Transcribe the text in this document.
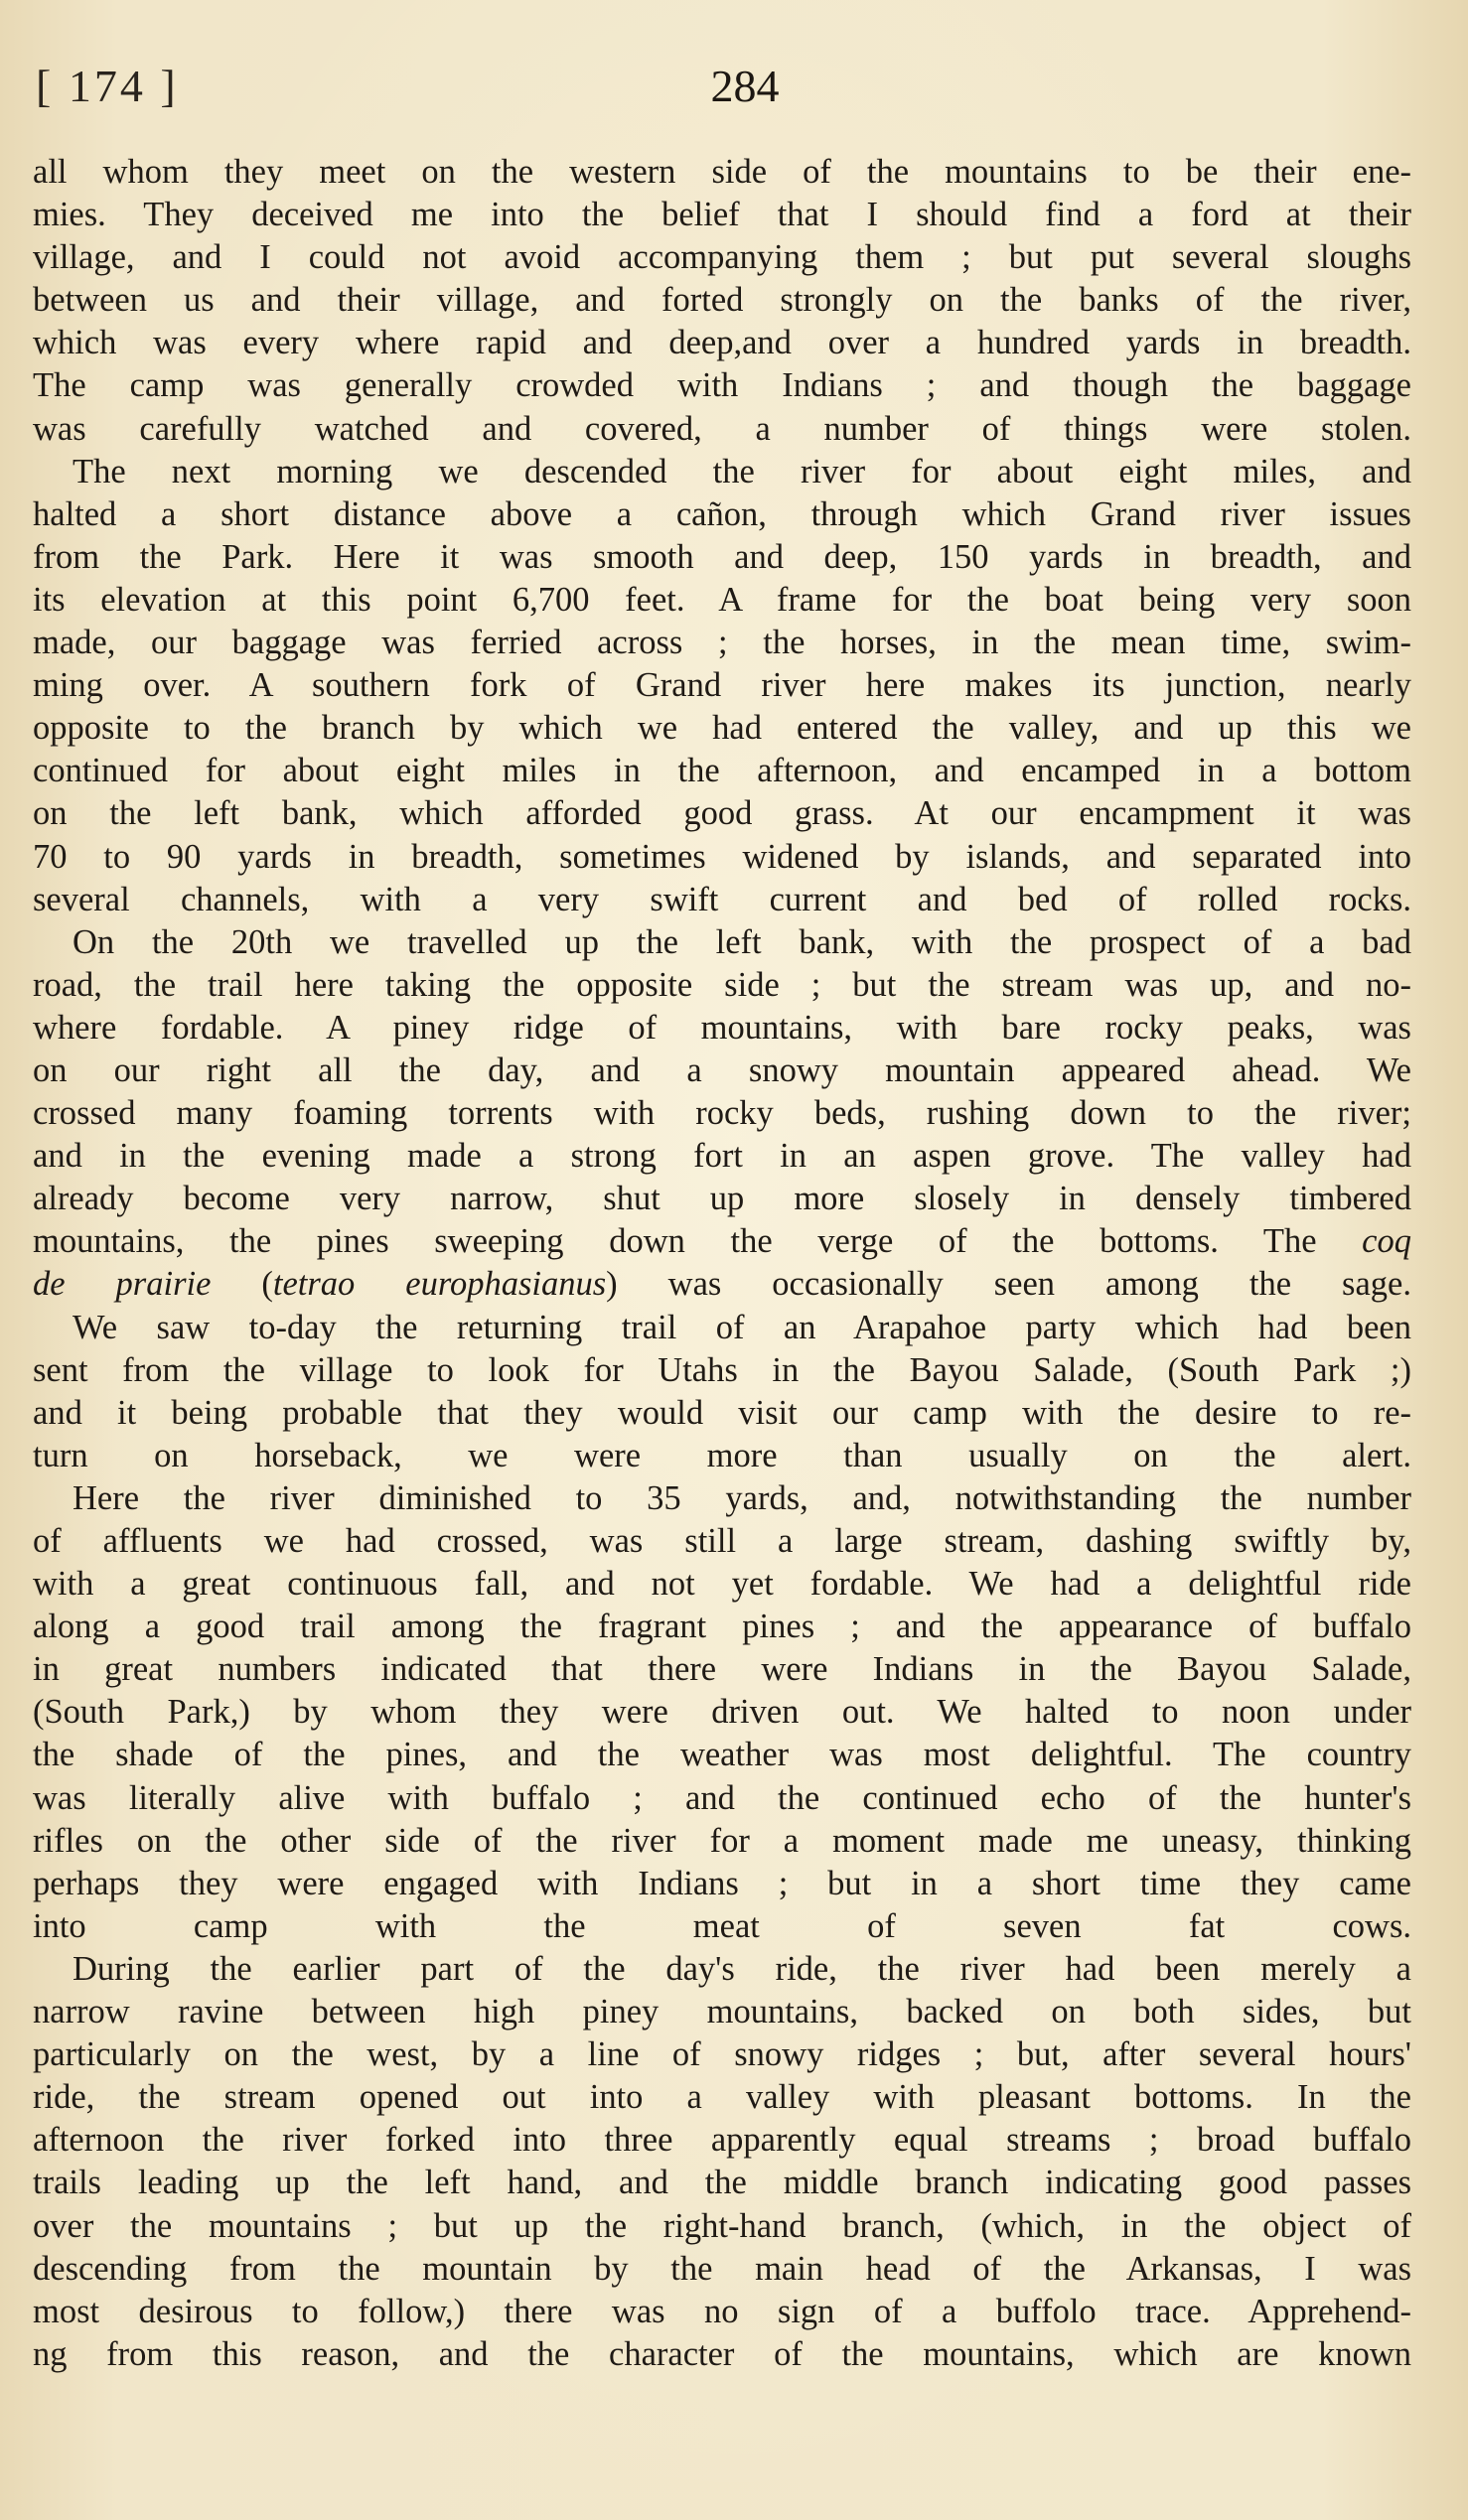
[ 174 ]	284

all whom they meet on the western side of the mountains to be their ene-
mies. They deceived me into the belief that I should find a ford at their
village, and I could not avoid accompanying them ; but put several sloughs
between us and their village, and forted strongly on the banks of the river,
which was every where rapid and deep,and over a hundred yards in breadth.
The camp was generally crowded with Indians ; and though the baggage
was carefully watched and covered, a number of things were stolen.
The next morning we descended the river for about eight miles, and
halted a short distance above a cañon, through which Grand river issues
from the Park. Here it was smooth and deep, 150 yards in breadth, and
its elevation at this point 6,700 feet. A frame for the boat being very soon
made, our baggage was ferried across ; the horses, in the mean time, swim-
ming over. A southern fork of Grand river here makes its junction, nearly
opposite to the branch by which we had entered the valley, and up this we
continued for about eight miles in the afternoon, and encamped in a bottom
on the left bank, which afforded good grass. At our encampment it was
70 to 90 yards in breadth, sometimes widened by islands, and separated into
several channels, with a very swift current and bed of rolled rocks.
On the 20th we travelled up the left bank, with the prospect of a bad
road, the trail here taking the opposite side ; but the stream was up, and no-
where fordable. A piney ridge of mountains, with bare rocky peaks, was
on our right all the day, and a snowy mountain appeared ahead. We
crossed many foaming torrents with rocky beds, rushing down to the river;
and in the evening made a strong fort in an aspen grove. The valley had
already become very narrow, shut up more slosely in densely timbered
mountains, the pines sweeping down the verge of the bottoms. The coq
de prairie (tetrao europhasianus) was occasionally seen among the sage.
We saw to-day the returning trail of an Arapahoe party which had been
sent from the village to look for Utahs in the Bayou Salade, (South Park ;)
and it being probable that they would visit our camp with the desire to re-
turn on horseback, we were more than usually on the alert.
Here the river diminished to 35 yards, and, notwithstanding the number
of affluents we had crossed, was still a large stream, dashing swiftly by,
with a great continuous fall, and not yet fordable. We had a delightful ride
along a good trail among the fragrant pines ; and the appearance of buffalo
in great numbers indicated that there were Indians in the Bayou Salade,
(South Park,) by whom they were driven out. We halted to noon under
the shade of the pines, and the weather was most delightful. The country
was literally alive with buffalo ; and the continued echo of the hunter's
rifles on the other side of the river for a moment made me uneasy, thinking
perhaps they were engaged with Indians ; but in a short time they came
into camp with the meat of seven fat cows.
During the earlier part of the day's ride, the river had been merely a
narrow ravine between high piney mountains, backed on both sides, but
particularly on the west, by a line of snowy ridges ; but, after several hours'
ride, the stream opened out into a valley with pleasant bottoms. In the
afternoon the river forked into three apparently equal streams ; broad buffalo
trails leading up the left hand, and the middle branch indicating good passes
over the mountains ; but up the right-hand branch, (which, in the object of
descending from the mountain by the main head of the Arkansas, I was
most desirous to follow,) there was no sign of a buffolo trace. Apprehend-
ng from this reason, and the character of the mountains, which are known
